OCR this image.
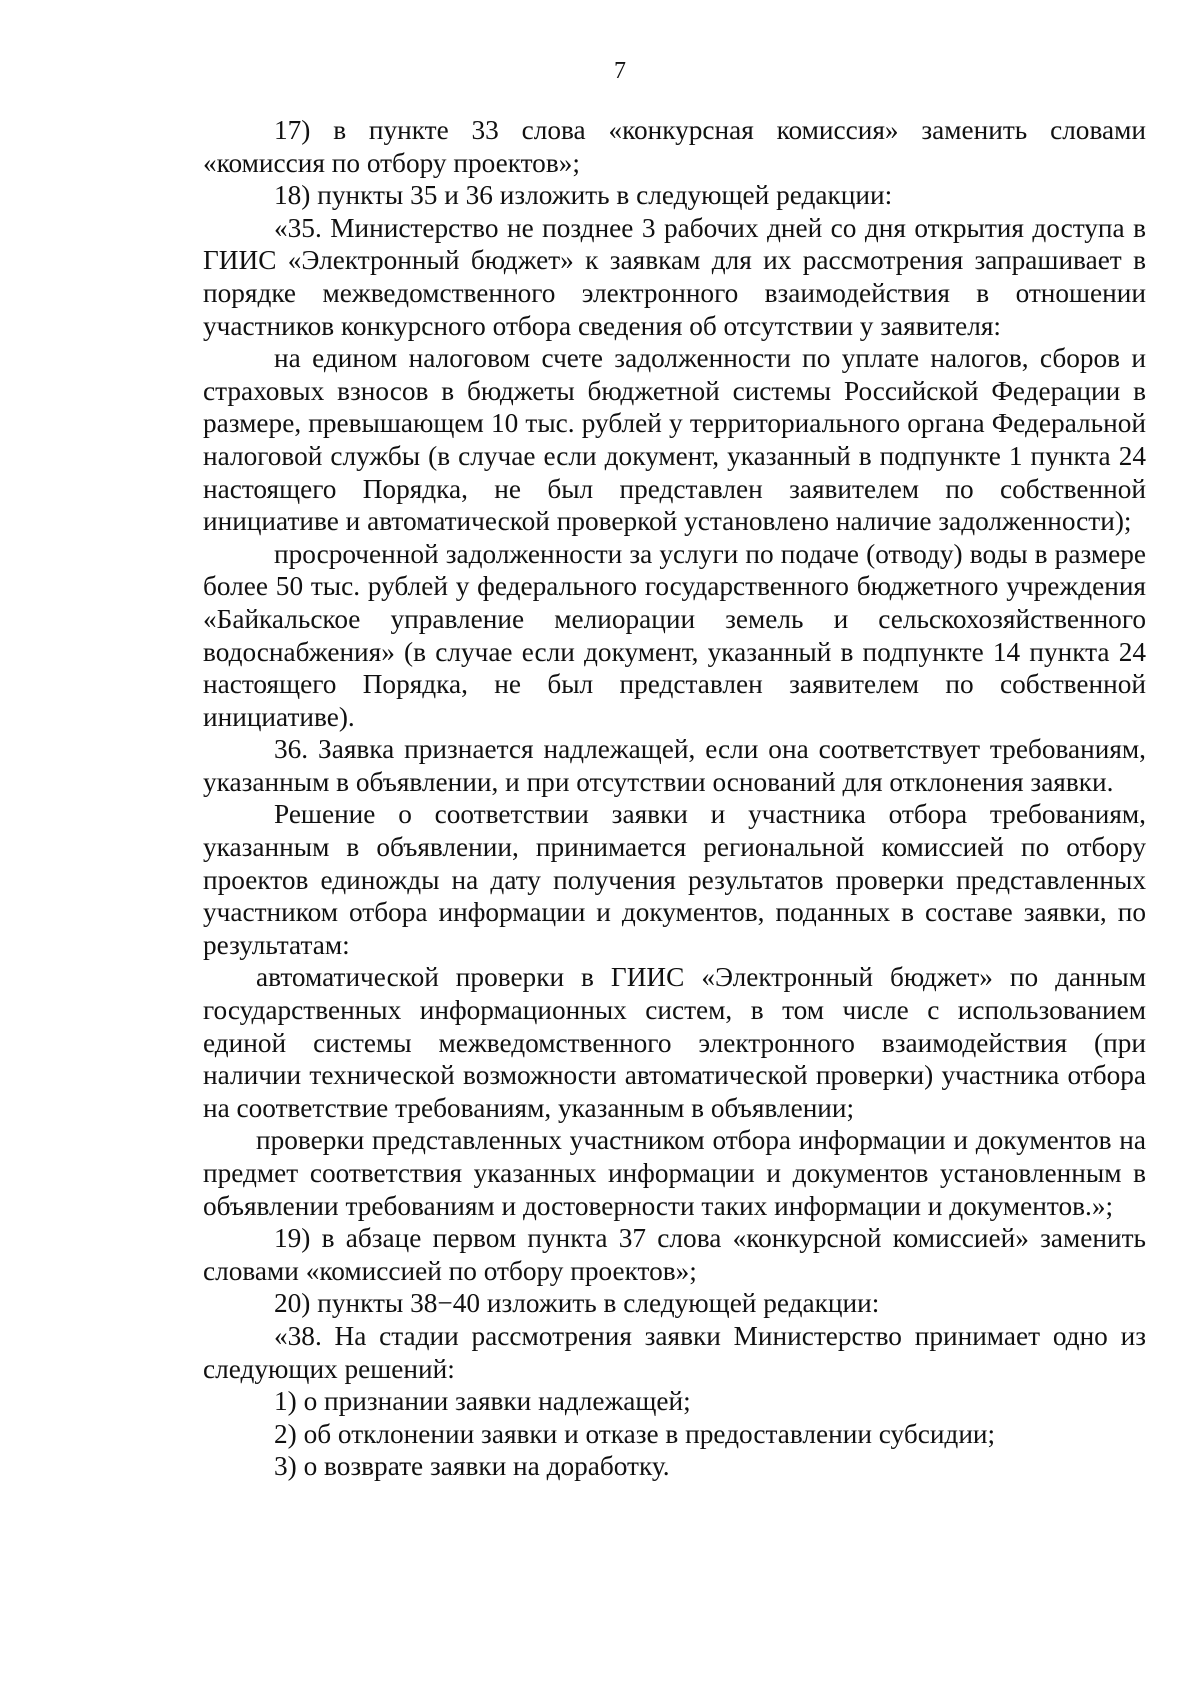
7

17) в пункте 33 слова «конкурсная комиссия» заменить словами «комиссия по отбору проектов»;

18) пункты 35 и 36 изложить в следующей редакции:

«35. Министерство не позднее 3 рабочих дней со дня открытия доступа в ГИИС «Электронный бюджет» к заявкам для их рассмотрения запрашивает в порядке межведомственного электронного взаимодействия в отношении участников конкурсного отбора сведения об отсутствии у заявителя:

на едином налоговом счете задолженности по уплате налогов, сборов и страховых взносов в бюджеты бюджетной системы Российской Федерации в размере, превышающем 10 тыс. рублей у территориального органа Федеральной налоговой службы (в случае если документ, указанный в подпункте 1 пункта 24 настоящего Порядка, не был представлен заявителем по собственной инициативе и автоматической проверкой установлено наличие задолженности);

просроченной задолженности за услуги по подаче (отводу) воды в размере более 50 тыс. рублей у федерального государственного бюджетного учреждения «Байкальское управление мелиорации земель и сельскохозяйственного водоснабжения» (в случае если документ, указанный в подпункте 14 пункта 24 настоящего Порядка, не был представлен заявителем по собственной инициативе).

36. Заявка признается надлежащей, если она соответствует требованиям, указанным в объявлении, и при отсутствии оснований для отклонения заявки.

Решение о соответствии заявки и участника отбора требованиям, указанным в объявлении, принимается региональной комиссией по отбору проектов единожды на дату получения результатов проверки представленных участником отбора информации и документов, поданных в составе заявки, по результатам:

автоматической проверки в ГИИС «Электронный бюджет» по данным государственных информационных систем, в том числе с использованием единой системы межведомственного электронного взаимодействия (при наличии технической возможности автоматической проверки) участника отбора на соответствие требованиям, указанным в объявлении;

проверки представленных участником отбора информации и документов на предмет соответствия указанных информации и документов установленным в объявлении требованиям и достоверности таких информации и документов.»;

19) в абзаце первом пункта 37 слова «конкурсной комиссией» заменить словами «комиссией по отбору проектов»;

20) пункты 38−40 изложить в следующей редакции:

«38. На стадии рассмотрения заявки Министерство принимает одно из следующих решений:

1) о признании заявки надлежащей;

2) об отклонении заявки и отказе в предоставлении субсидии;

3) о возврате заявки на доработку.
